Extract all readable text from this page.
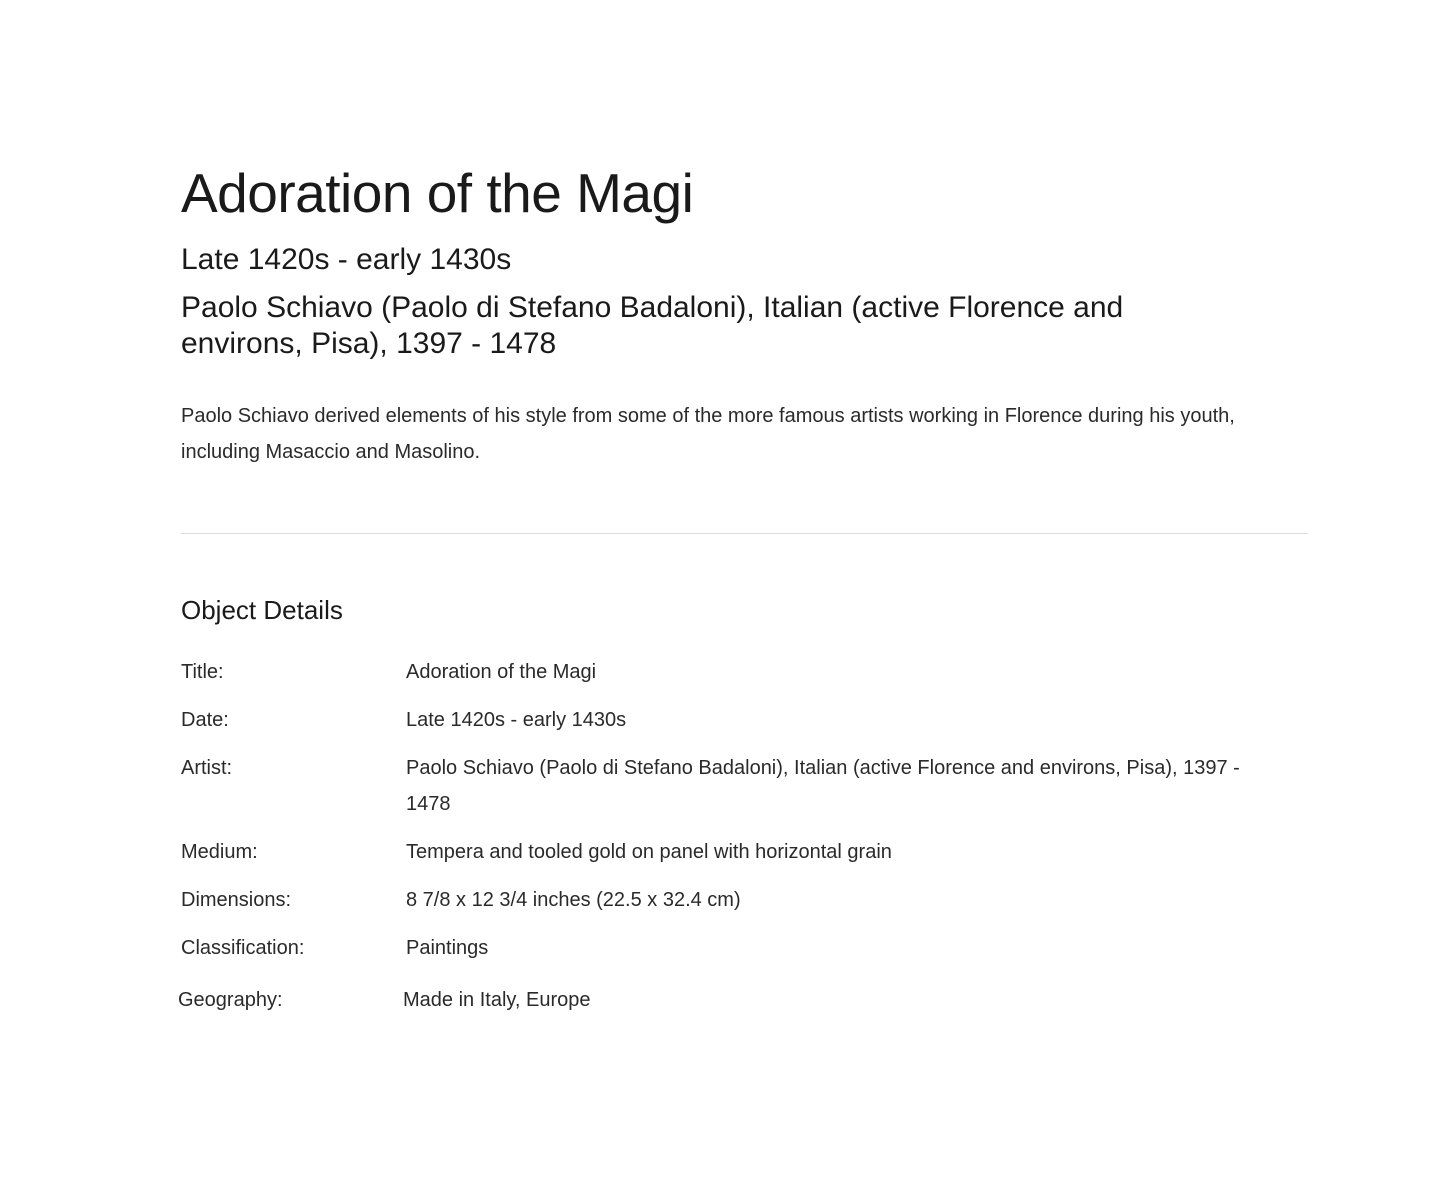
Adoration of the Magi
Late 1420s - early 1430s
Paolo Schiavo (Paolo di Stefano Badaloni), Italian (active Florence and environs, Pisa), 1397 - 1478

Paolo Schiavo derived elements of his style from some of the more famous artists working in Florence during his youth, including Masaccio and Masolino.

Object Details
Title:	Adoration of the Magi
Date:	Late 1420s - early 1430s
Artist:	Paolo Schiavo (Paolo di Stefano Badaloni), Italian (active Florence and environs, Pisa), 1397 - 1478
Medium:	Tempera and tooled gold on panel with horizontal grain
Dimensions:	8 7/8 x 12 3/4 inches (22.5 x 32.4 cm)
Classification:	Paintings
Geography:	Made in Italy, Europe
